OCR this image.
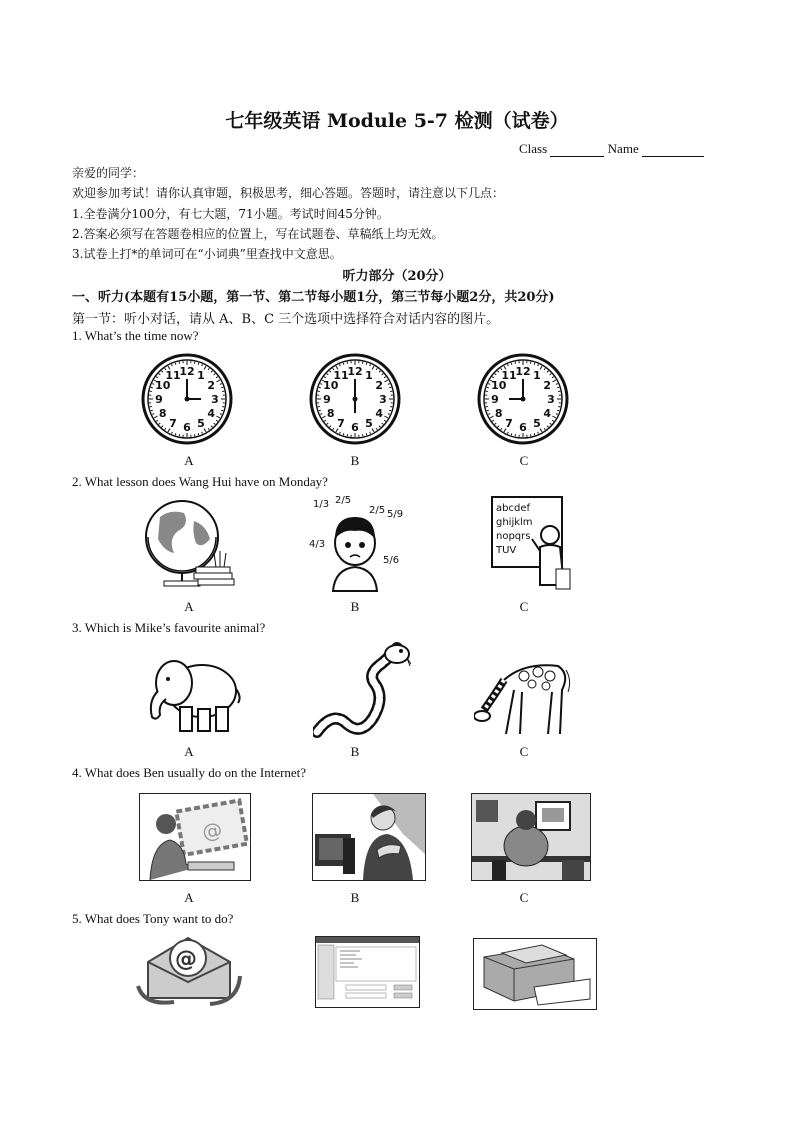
七年级英语 Module 5-7 检测（试卷）
Class	Name
亲爱的同学：
欢迎参加考试！请你认真审题，积极思考，细心答题。答题时，请注意以下几点：
1.全卷满分100分，有七大题，71小题。考试时间45分钟。
2.答案必须写在答题卷相应的位置上，写在试题卷、草稿纸上均无效。
3.试卷上打*的单词可在“小词典”里查找中文意思。
听力部分（20分）
一、听力(本题有15小题，第一节、第二节每小题1分，第三节每小题2分，共20分)
第一节：听小对话，请从 A、B、C 三个选项中选择符合对话内容的图片。
1. What’s the time now?
1
2
3
4
5
6
7
8
9
10
11
12	1
2
3
4
5
6
7
8
9
10
11
12	1
2
3
4
5
6
7
8
9
10
11
12
A	B	C
2. What lesson does Wang Hui have on Monday?
1/3 2/5
2/5 5/9
4/3
5/6
abcdef
ghijklm
nopqrs
TUV
A	B	C
3. Which is Mike’s favourite animal?
A	B	C
4. What does Ben usually do on the Internet?
@
A	B	C
5. What does Tony want to do?
@
